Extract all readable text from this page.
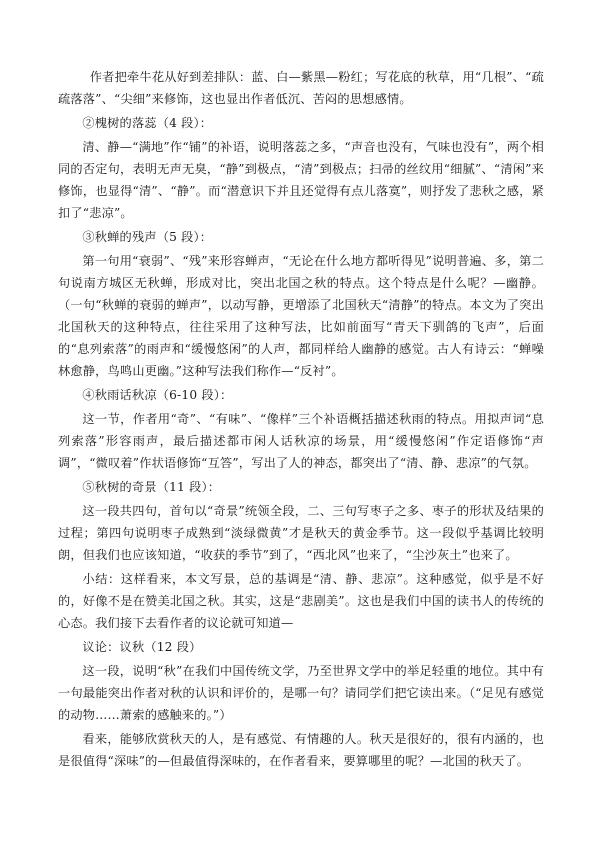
作者把牵牛花从好到差排队：蓝、白—紫黑—粉红；写花底的秋草，用“几根”、“疏疏落落”、“尖细”来修饰，这也显出作者低沉、苦闷的思想感情。

②槐树的落蕊（4 段）：

清、静—“满地”作“铺”的补语，说明落蕊之多，“声音也没有，气味也没有”，两个相同的否定句，表明无声无臭，“静”到极点，“清”到极点；扫帚的丝纹用“细腻”、“清闲”来修饰，也显得“清”、“静”。而“潜意识下并且还觉得有点儿落寞”，则抒发了悲秋之感，紧扣了“悲凉”。

③秋蝉的残声（5 段）：

第一句用“衰弱”、“残”来形容蝉声，“无论在什么地方都听得见”说明普遍、多，第二句说南方城区无秋蝉，形成对比，突出北国之秋的特点。这个特点是什么呢？—幽静。（一句“秋蝉的衰弱的蝉声”，以动写静，更增添了北国秋天“清静”的特点。本文为了突出北国秋天的这种特点，往往采用了这种写法，比如前面写“青天下驯鸽的飞声”，后面的“息列索落”的雨声和“缓慢悠闲”的人声，都同样给人幽静的感觉。古人有诗云：“蝉噪林愈静，鸟鸣山更幽。”这种写法我们称作—“反衬”。

④秋雨话秋凉（6-10 段）：

这一节，作者用“奇”、“有味”、“像样”三个补语概括描述秋雨的特点。用拟声词“息列索落”形容雨声，最后描述都市闲人话秋凉的场景，用“缓慢悠闲”作定语修饰“声调”，“微叹着”作状语修饰“互答”，写出了人的神态，都突出了“清、静、悲凉”的气氛。

⑤秋树的奇景（11 段）：

这一段共四句，首句以“奇景”统领全段，二、三句写枣子之多、枣子的形状及结果的过程；第四句说明枣子成熟到“淡绿微黄”才是秋天的黄金季节。这一段似乎基调比较明朗，但我们也应该知道，“收获的季节”到了，“西北风”也来了，“尘沙灰土”也来了。

小结：这样看来，本文写景，总的基调是“清、静、悲凉”。这种感觉，似乎是不好的，好像不是在赞美北国之秋。其实，这是“悲剧美”。这也是我们中国的读书人的传统的心态。我们接下去看作者的议论就可知道—

议论：议秋（12 段）

这一段，说明“秋”在我们中国传统文学，乃至世界文学中的举足轻重的地位。其中有一句最能突出作者对秋的认识和评价的，是哪一句？请同学们把它读出来。（“足见有感觉的动物……萧索的感触来的。”）

看来，能够欣赏秋天的人，是有感觉、有情趣的人。秋天是很好的，很有内涵的，也是很值得“深味”的—但最值得深味的，在作者看来，要算哪里的呢？—北国的秋天了。
